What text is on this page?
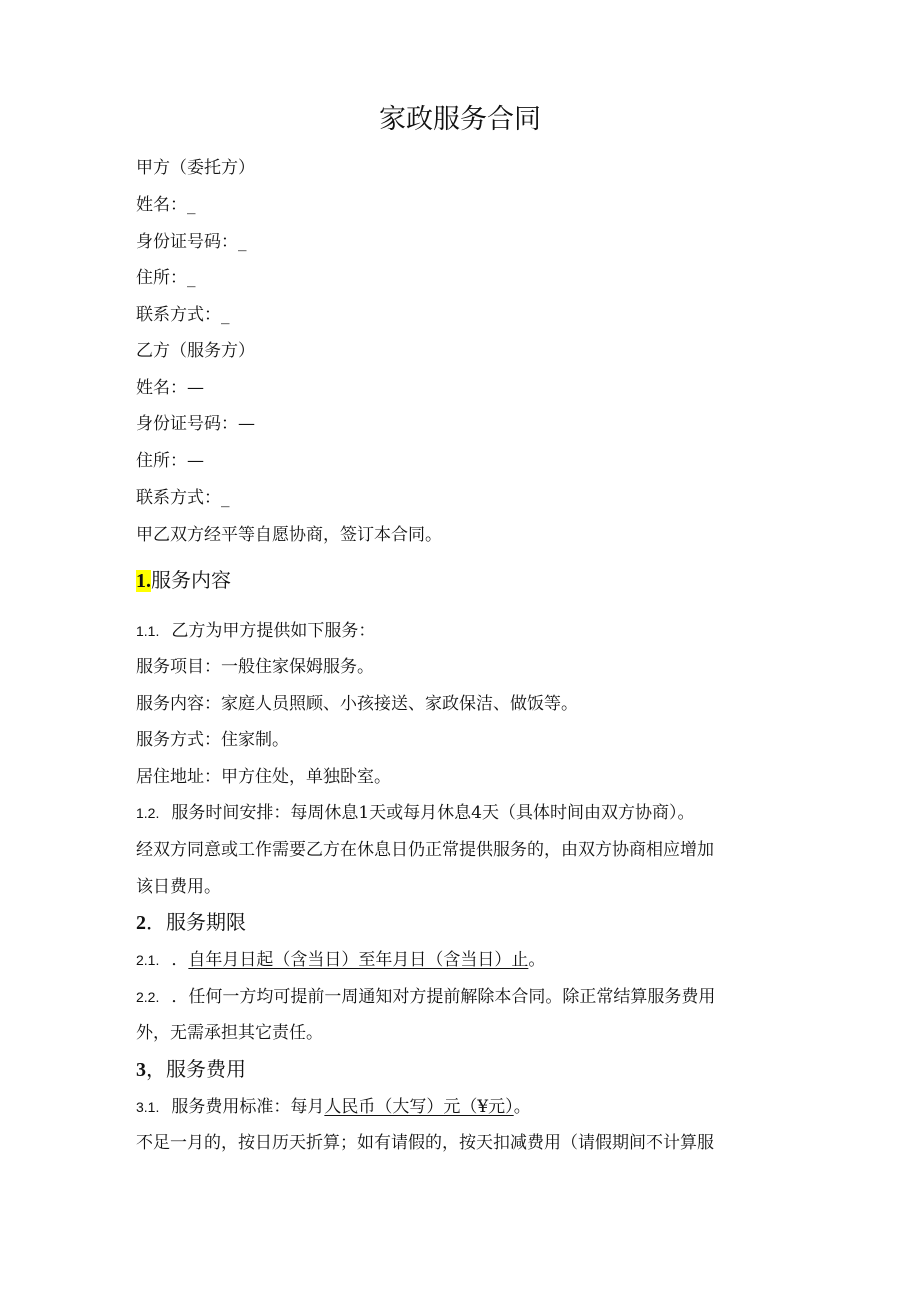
家政服务合同
甲方（委托方）
姓名：_
身份证号码：_
住所：_
联系方式：_
乙方（服务方）
姓名：—
身份证号码：—
住所：—
联系方式：_
甲乙双方经平等自愿协商，签订本合同。
1.服务内容
1.1. 乙方为甲方提供如下服务：
服务项目：一般住家保姆服务。
服务内容：家庭人员照顾、小孩接送、家政保洁、做饭等。
服务方式：住家制。
居住地址：甲方住处，单独卧室。
1.2. 服务时间安排：每周休息1天或每月休息4天（具体时间由双方协商）。
经双方同意或工作需要乙方在休息日仍正常提供服务的，由双方协商相应增加
该日费用。
2．服务期限
2.1. ．自年月日起（含当日）至年月日（含当日）止。
2.2. ．任何一方均可提前一周通知对方提前解除本合同。除正常结算服务费用
外，无需承担其它责任。
3，服务费用
3.1. 服务费用标准：每月人民币（大写）元（¥元）。
不足一月的，按日历天折算；如有请假的，按天扣减费用（请假期间不计算服
